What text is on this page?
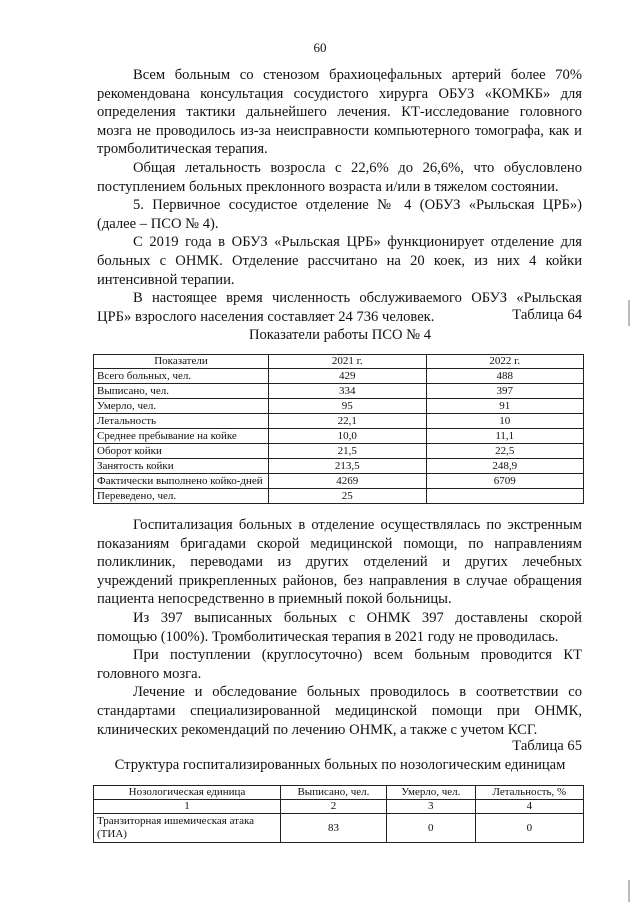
60

Всем больным со стенозом брахиоцефальных артерий более 70% рекомендована консультация сосудистого хирурга ОБУЗ «КОМКБ» для определения тактики дальнейшего лечения. КТ-исследование головного мозга не проводилось из-за неисправности компьютерного томографа, как и тромболитическая терапия.

Общая летальность возросла с 22,6% до 26,6%, что обусловлено поступлением больных преклонного возраста и/или в тяжелом состоянии.

5. Первичное сосудистое отделение № 4 (ОБУЗ «Рыльская ЦРБ») (далее – ПСО № 4).

С 2019 года в ОБУЗ «Рыльская ЦРБ» функционирует отделение для больных с ОНМК. Отделение рассчитано на 20 коек, из них 4 койки интенсивной терапии.

В настоящее время численность обслуживаемого ОБУЗ «Рыльская ЦРБ» взрослого населения составляет 24 736 человек.	Таблица 64
Показатели работы ПСО № 4
Показатели	2021 г.	2022 г.
Всего больных, чел.	429	488
Выписано, чел.	334	397
Умерло, чел.	95	91
Летальность	22,1	10
Среднее пребывание на койке	10,0	11,1
Оборот койки	21,5	22,5
Занятость койки	213,5	248,9
Фактически выполнено койко-дней	4269	6709
Переведено, чел.	25	

Госпитализация больных в отделение осуществлялась по экстренным показаниям бригадами скорой медицинской помощи, по направлениям поликлиник, переводами из других отделений и других лечебных учреждений прикрепленных районов, без направления в случае обращения пациента непосредственно в приемный покой больницы.

Из 397 выписанных больных с ОНМК 397 доставлены скорой помощью (100%). Тромболитическая терапия в 2021 году не проводилась.

При поступлении (круглосуточно) всем больным проводится КТ головного мозга.

Лечение и обследование больных проводилось в соответствии со стандартами специализированной медицинской помощи при ОНМК, клинических рекомендаций по лечению ОНМК, а также с учетом КСГ.

Таблица 65
Структура госпитализированных больных по нозологическим единицам
Нозологическая единица	Выписано, чел.	Умерло, чел.	Летальность, %
1	2	3	4
Транзиторная ишемическая атака (ТИА)	83	0	0
